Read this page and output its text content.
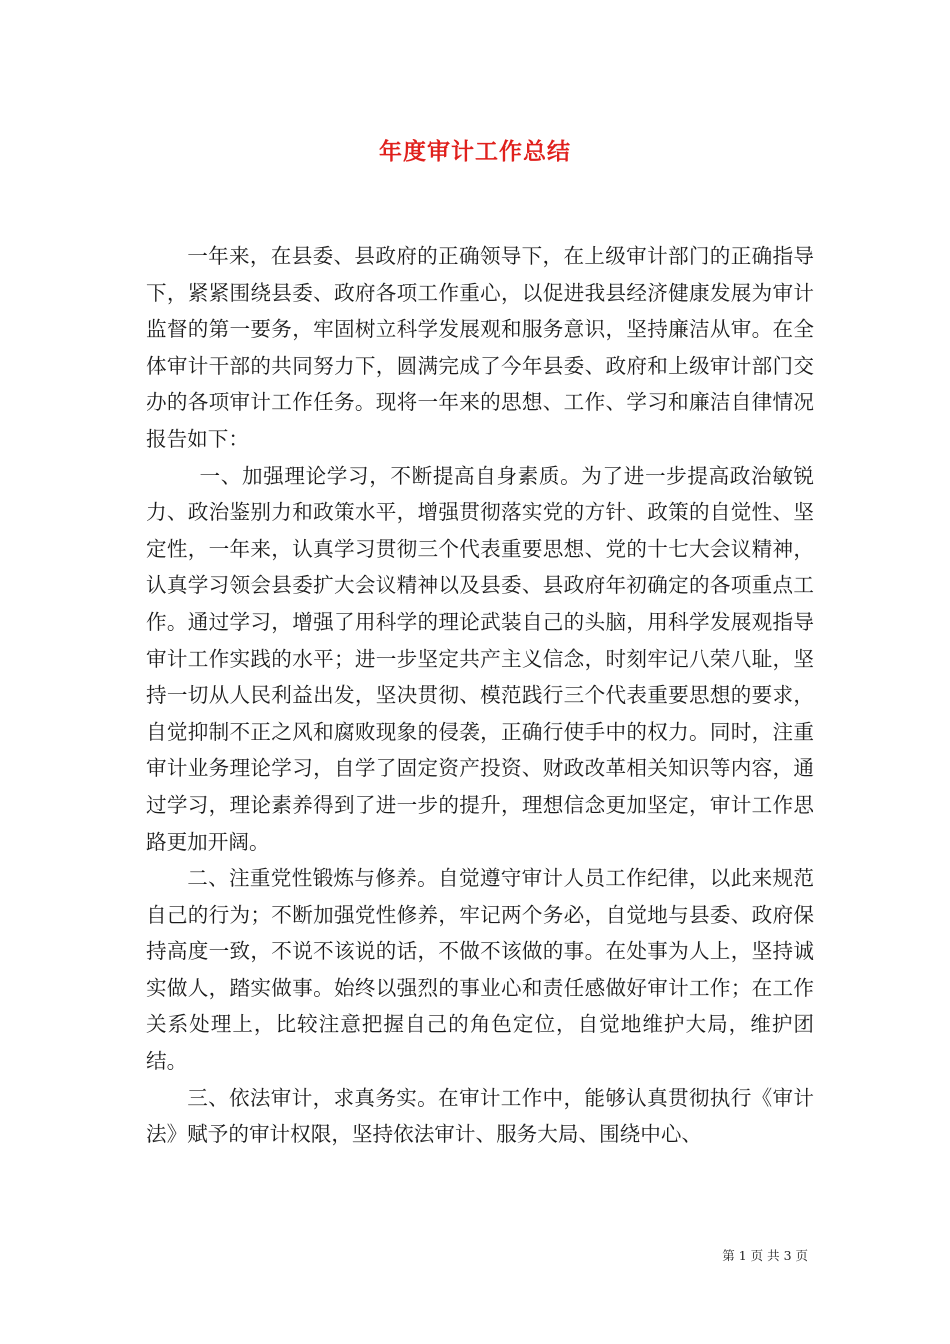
年度审计工作总结

一年来，在县委、县政府的正确领导下，在上级审计部门的正确指导下，紧紧围绕县委、政府各项工作重心，以促进我县经济健康发展为审计监督的第一要务，牢固树立科学发展观和服务意识，坚持廉洁从审。在全体审计干部的共同努力下，圆满完成了今年县委、政府和上级审计部门交办的各项审计工作任务。现将一年来的思想、工作、学习和廉洁自律情况报告如下：

一、加强理论学习，不断提高自身素质。为了进一步提高政治敏锐力、政治鉴别力和政策水平，增强贯彻落实党的方针、政策的自觉性、坚定性，一年来，认真学习贯彻三个代表重要思想、党的十七大会议精神，认真学习领会县委扩大会议精神以及县委、县政府年初确定的各项重点工作。通过学习，增强了用科学的理论武装自己的头脑，用科学发展观指导审计工作实践的水平；进一步坚定共产主义信念，时刻牢记八荣八耻，坚持一切从人民利益出发，坚决贯彻、模范践行三个代表重要思想的要求，自觉抑制不正之风和腐败现象的侵袭，正确行使手中的权力。同时，注重审计业务理论学习，自学了固定资产投资、财政改革相关知识等内容，通过学习，理论素养得到了进一步的提升，理想信念更加坚定，审计工作思路更加开阔。

二、注重党性锻炼与修养。自觉遵守审计人员工作纪律，以此来规范自己的行为；不断加强党性修养，牢记两个务必，自觉地与县委、政府保持高度一致，不说不该说的话，不做不该做的事。在处事为人上，坚持诚实做人，踏实做事。始终以强烈的事业心和责任感做好审计工作；在工作关系处理上，比较注意把握自己的角色定位，自觉地维护大局，维护团结。

三、依法审计，求真务实。在审计工作中，能够认真贯彻执行《审计法》赋予的审计权限，坚持依法审计、服务大局、围绕中心、

第 1 页 共 3 页
